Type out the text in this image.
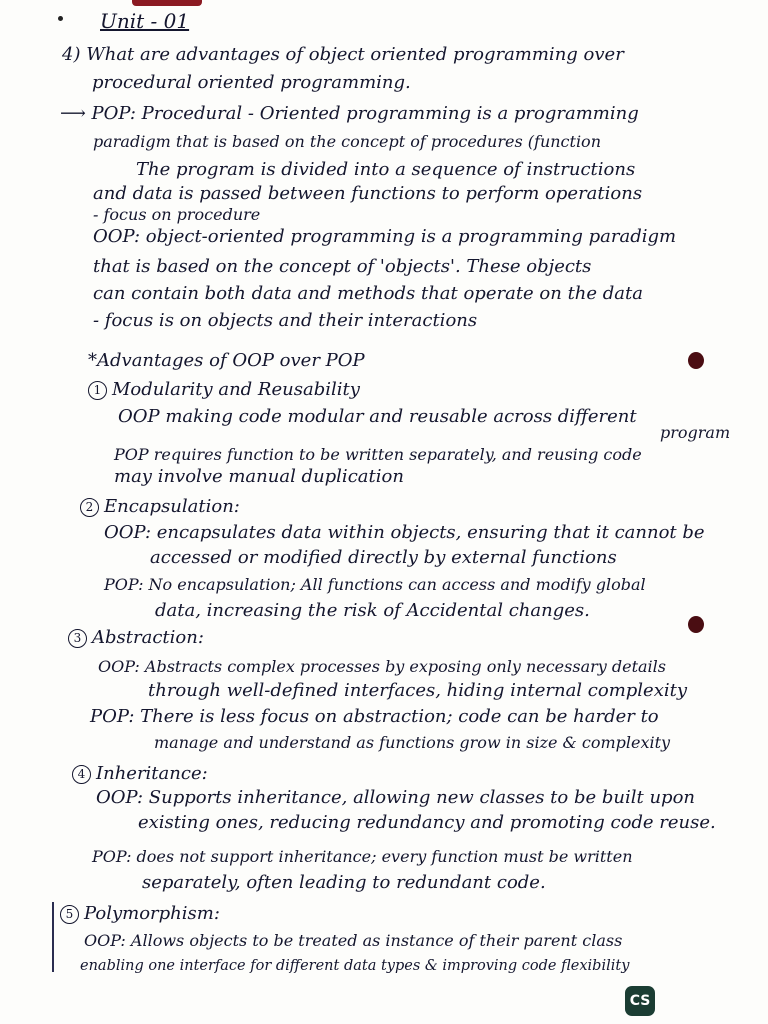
Unit - 01
4) What are advantages of object oriented programming over
procedural oriented programming.
⟶ POP: Procedural - Oriented programming is a programming
paradigm that is based on the concept of procedures (function
The program is divided into a sequence of instructions
and data is passed between functions to perform operations
- focus on procedure
OOP: object-oriented programming is a programming paradigm
that is based on the concept of 'objects'. These objects
can contain both data and methods that operate on the data
- focus is on objects and their interactions
*Advantages of OOP over POP
1 Modularity and Reusability
OOP making code modular and reusable across different
program
POP requires function to be written separately, and reusing code
may involve manual duplication
2 Encapsulation:
OOP: encapsulates data within objects, ensuring that it cannot be
accessed or modified directly by external functions
POP: No encapsulation; All functions can access and modify global
data, increasing the risk of Accidental changes.
3 Abstraction:
OOP: Abstracts complex processes by exposing only necessary details
through well-defined interfaces, hiding internal complexity
POP: There is less focus on abstraction; code can be harder to
manage and understand as functions grow in size & complexity
4 Inheritance:
OOP: Supports inheritance, allowing new classes to be built upon
existing ones, reducing redundancy and promoting code reuse.
POP: does not support inheritance; every function must be written
separately, often leading to redundant code.
5 Polymorphism:
OOP: Allows objects to be treated as instance of their parent class
enabling one interface for different data types & improving code flexibility
CS
